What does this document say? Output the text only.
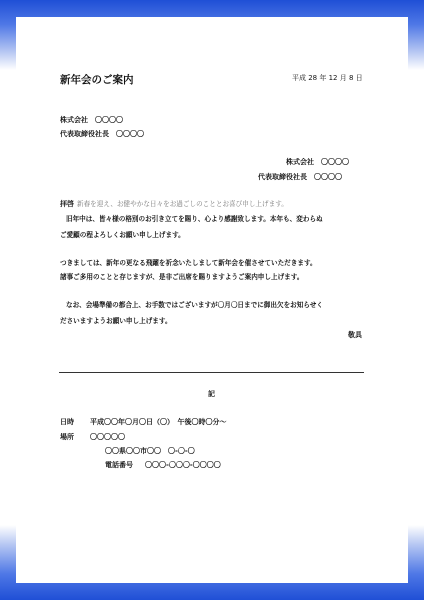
新年会のご案内	平成 28 年 12 月 8 日
株式会社　〇〇〇〇
代表取締役社長　〇〇〇〇
株式会社　〇〇〇〇
代表取締役社長　〇〇〇〇
拝啓 新春を迎え、お健やかな日々をお過ごしのこととお喜び申し上げます。
旧年中は、皆々様の格別のお引き立てを賜り、心より感謝致します。本年も、変わらぬ
ご愛顧の程よろしくお願い申し上げます。
つきましては、新年の更なる飛躍を祈念いたしまして新年会を催させていただきます。
諸事ご多用のことと存じますが、是非ご出席を賜りますようご案内申し上げます。
なお、会場準備の都合上、お手数ではございますが〇月〇日までに御出欠をお知らせく
ださいますようお願い申し上げます。
敬具
記
日時 平成〇〇年〇月〇日（〇）　午後〇時〇分～
場所 〇〇〇〇〇
〇〇県〇〇市〇〇　〇-〇-〇
電話番号 〇〇〇-〇〇〇-〇〇〇〇
